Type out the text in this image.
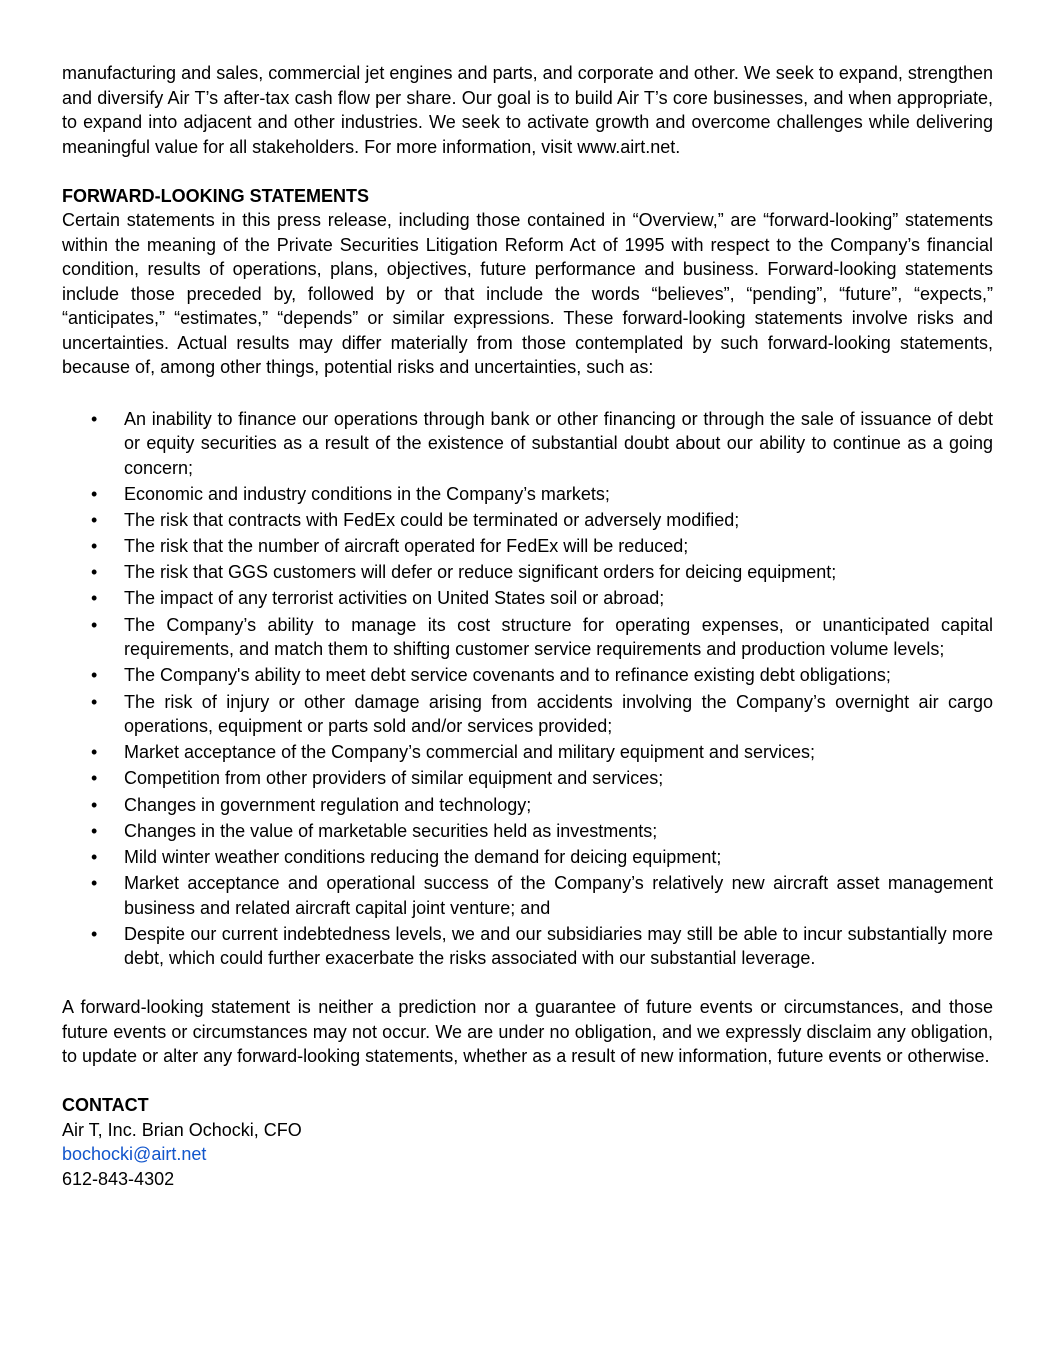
manufacturing and sales, commercial jet engines and parts, and corporate and other. We seek to expand, strengthen and diversify Air T’s after-tax cash flow per share. Our goal is to build Air T’s core businesses, and when appropriate, to expand into adjacent and other industries. We seek to activate growth and overcome challenges while delivering meaningful value for all stakeholders. For more information, visit www.airt.net.

FORWARD-LOOKING STATEMENTS

Certain statements in this press release, including those contained in “Overview,” are “forward-looking” statements within the meaning of the Private Securities Litigation Reform Act of 1995 with respect to the Company’s financial condition, results of operations, plans, objectives, future performance and business. Forward-looking statements include those preceded by, followed by or that include the words “believes”, “pending”, “future”, “expects,” “anticipates,” “estimates,” “depends” or similar expressions. These forward-looking statements involve risks and uncertainties. Actual results may differ materially from those contemplated by such forward-looking statements, because of, among other things, potential risks and uncertainties, such as:

• An inability to finance our operations through bank or other financing or through the sale of issuance of debt or equity securities as a result of the existence of substantial doubt about our ability to continue as a going concern;
• Economic and industry conditions in the Company’s markets;
• The risk that contracts with FedEx could be terminated or adversely modified;
• The risk that the number of aircraft operated for FedEx will be reduced;
• The risk that GGS customers will defer or reduce significant orders for deicing equipment;
• The impact of any terrorist activities on United States soil or abroad;
• The Company’s ability to manage its cost structure for operating expenses, or unanticipated capital requirements, and match them to shifting customer service requirements and production volume levels;
• The Company's ability to meet debt service covenants and to refinance existing debt obligations;
• The risk of injury or other damage arising from accidents involving the Company’s overnight air cargo operations, equipment or parts sold and/or services provided;
• Market acceptance of the Company’s commercial and military equipment and services;
• Competition from other providers of similar equipment and services;
• Changes in government regulation and technology;
• Changes in the value of marketable securities held as investments;
• Mild winter weather conditions reducing the demand for deicing equipment;
• Market acceptance and operational success of the Company’s relatively new aircraft asset management business and related aircraft capital joint venture; and
• Despite our current indebtedness levels, we and our subsidiaries may still be able to incur substantially more debt, which could further exacerbate the risks associated with our substantial leverage.

A forward-looking statement is neither a prediction nor a guarantee of future events or circumstances, and those future events or circumstances may not occur. We are under no obligation, and we expressly disclaim any obligation, to update or alter any forward-looking statements, whether as a result of new information, future events or otherwise.

CONTACT

Air T, Inc. Brian Ochocki, CFO

bochocki@airt.net

612-843-4302
